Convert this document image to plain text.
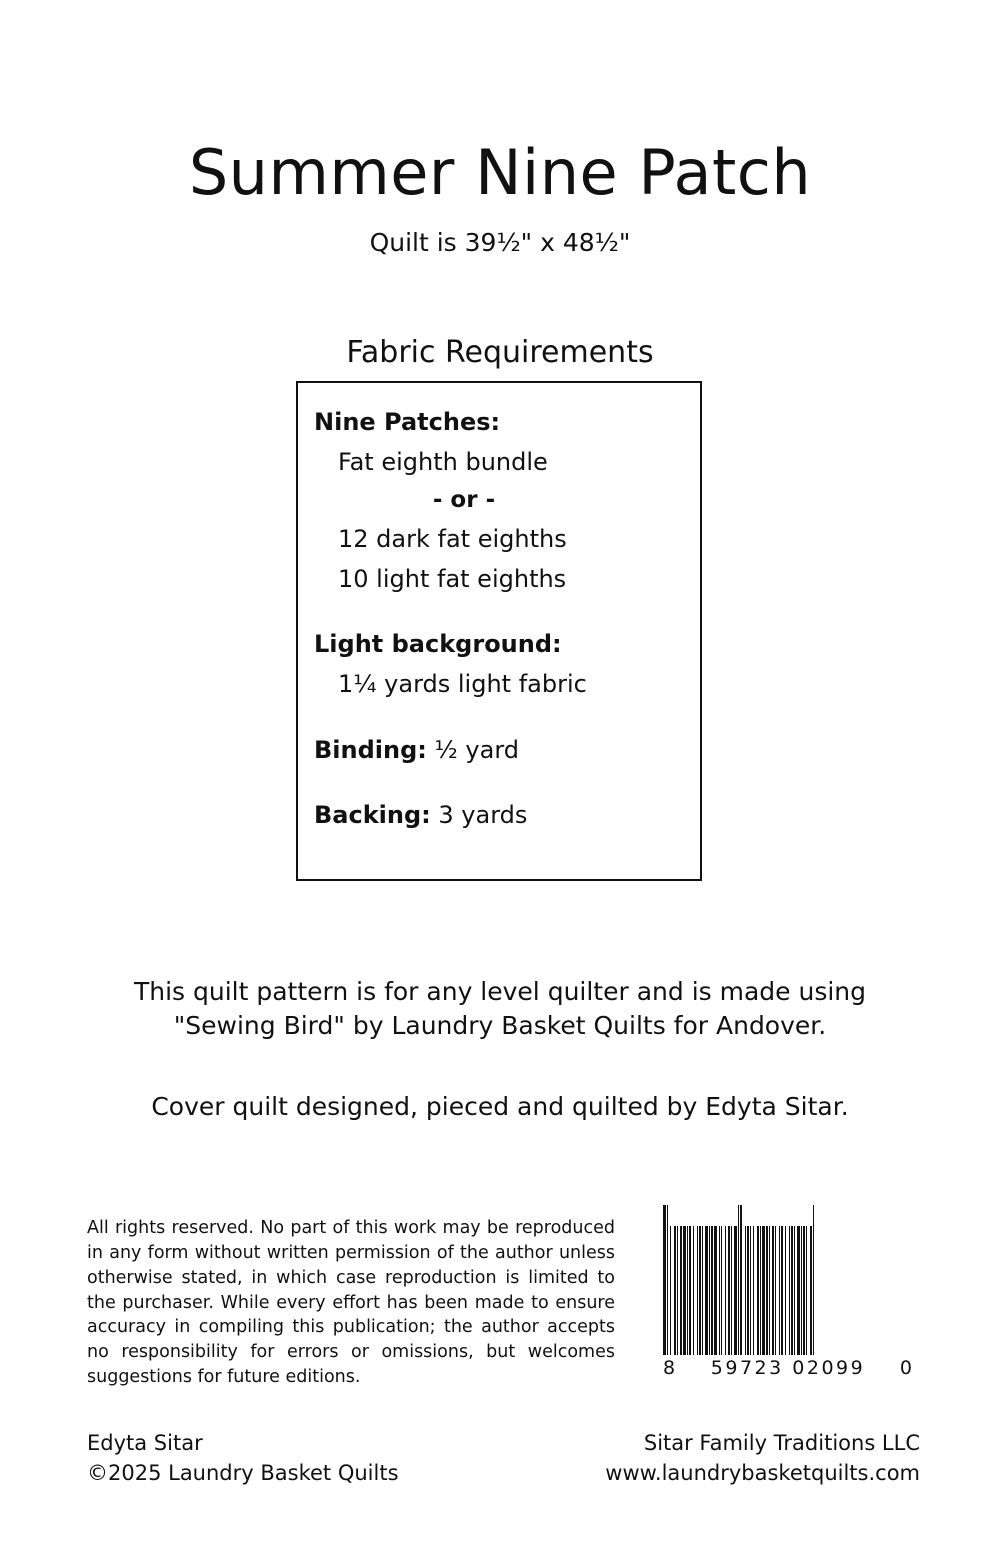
Summer Nine Patch
Quilt is 39½" x 48½"
Fabric Requirements
Nine Patches:
Fat eighth bundle
- or -
12 dark fat eighths
10 light fat eighths
Light background:
1¼ yards light fabric
Binding: ½ yard
Backing: 3 yards
This quilt pattern is for any level quilter and is made using
"Sewing Bird" by Laundry Basket Quilts for Andover.
Cover quilt designed, pieced and quilted by Edyta Sitar.
All rights reserved. No part of this work may be reproduced in any form without written permission of the author unless otherwise stated, in which case reproduction is limited to the purchaser. While every effort has been made to ensure accuracy in compiling this publication; the author accepts no responsibility for errors or omissions, but welcomes suggestions for future editions.	8 59723 02099 0
Edyta Sitar
©2025 Laundry Basket Quilts
Sitar Family Traditions LLC
www.laundrybasketquilts.com
